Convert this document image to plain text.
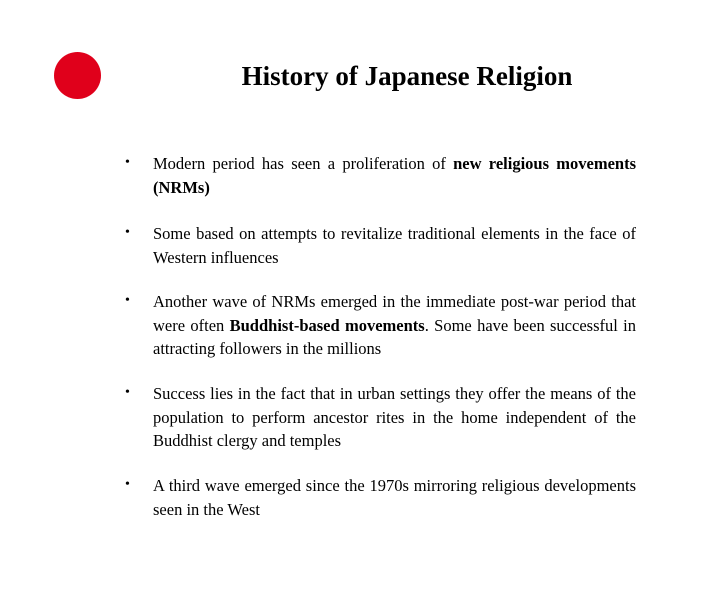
History of Japanese Religion
• Modern period has seen a proliferation of new religious movements (NRMs)
• Some based on attempts to revitalize traditional elements in the face of Western influences
• Another wave of NRMs emerged in the immediate post-war period that were often Buddhist-based movements. Some have been successful in attracting followers in the millions
• Success lies in the fact that in urban settings they offer the means of the population to perform ancestor rites in the home independent of the Buddhist clergy and temples
• A third wave emerged since the 1970s mirroring religious developments seen in the West
